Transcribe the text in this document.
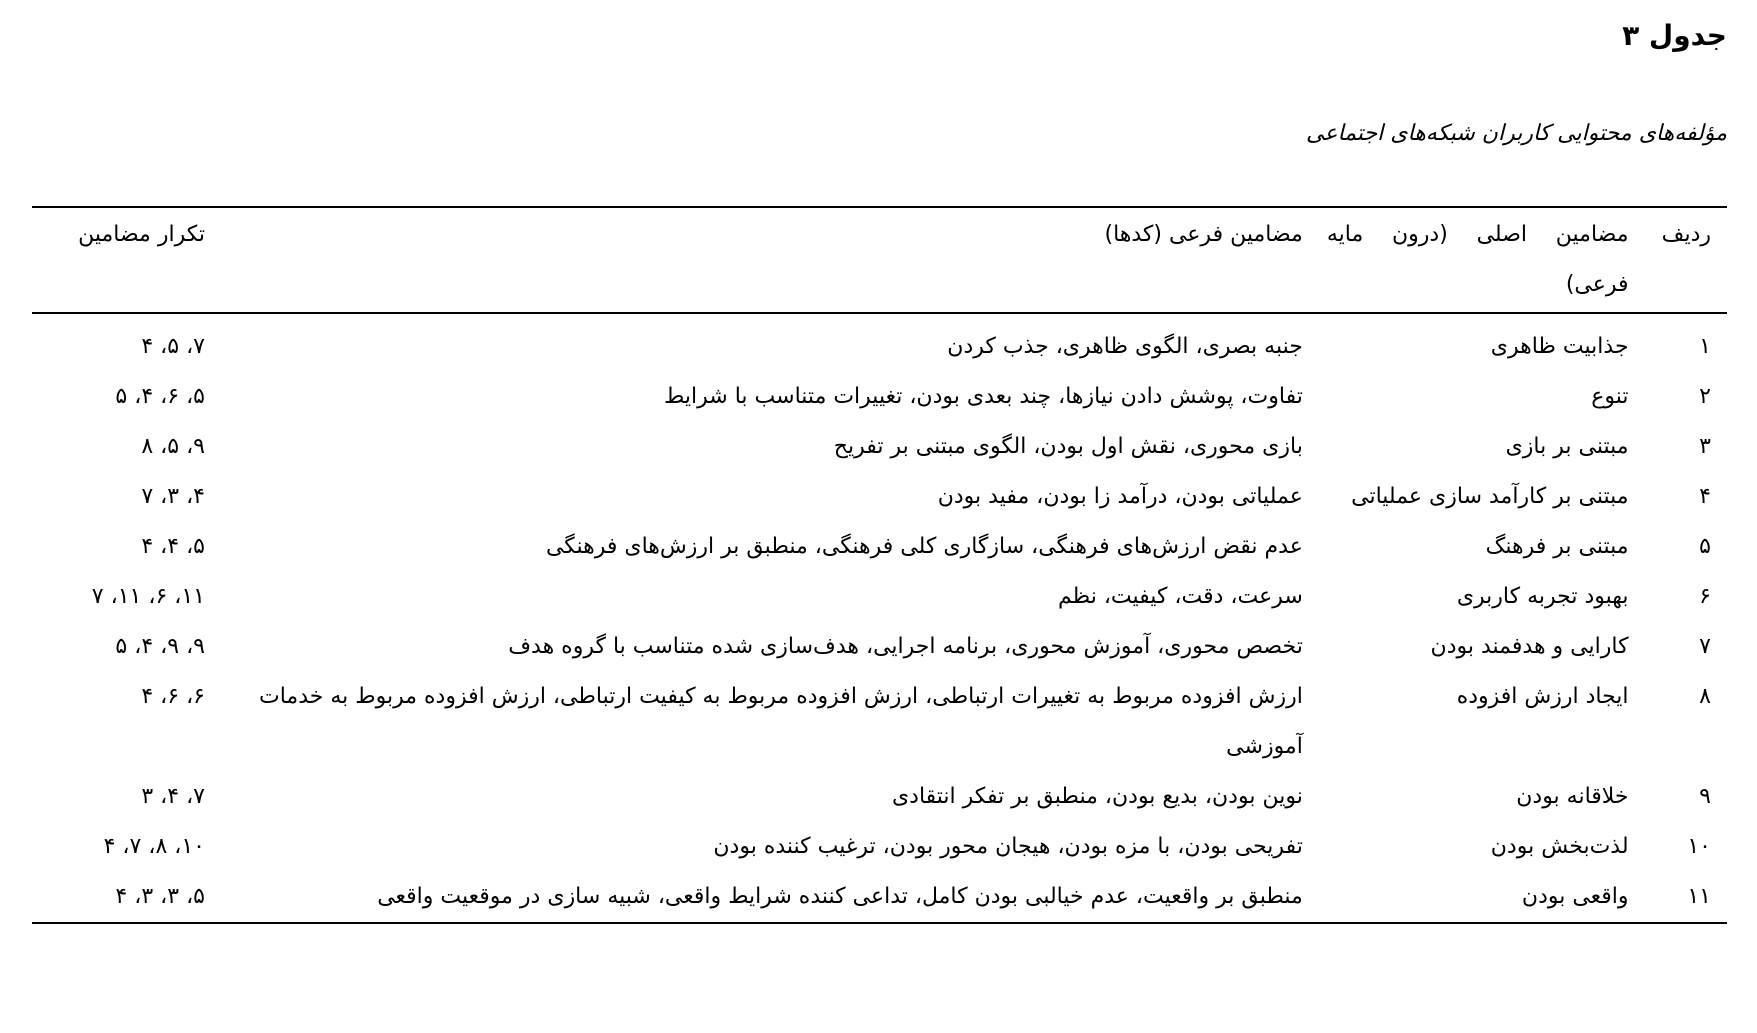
جدول ۳

مؤلفه‌های محتوایی کاربران شبکه‌های اجتماعی

ردیف	مضامین اصلی (درون مایه فرعی)	مضامین فرعی (کدها)	تکرار مضامین
۱	جذابیت ظاهری	جنبه بصری، الگوی ظاهری، جذب کردن	۷، ۵، ۴
۲	تنوع	تفاوت، پوشش دادن نیازها، چند بعدی بودن، تغییرات متناسب با شرایط	۵، ۶، ۴، ۵
۳	مبتنی بر بازی	بازی محوری، نقش اول بودن، الگوی مبتنی بر تفریح	۹، ۵، ۸
۴	مبتنی بر کارآمد سازی عملیاتی	عملیاتی بودن، درآمد زا بودن، مفید بودن	۴، ۳، ۷
۵	مبتنی بر فرهنگ	عدم نقض ارزش‌های فرهنگی، سازگاری کلی فرهنگی، منطبق بر ارزش‌های فرهنگی	۵، ۴، ۴
۶	بهبود تجربه کاربری	سرعت، دقت، کیفیت، نظم	۱۱، ۶، ۱۱، ۷
۷	کارایی و هدفمند بودن	تخصص محوری، آموزش محوری، برنامه اجرایی، هدف‌سازی شده متناسب با گروه هدف	۹، ۹، ۴، ۵
۸	ایجاد ارزش افزوده	ارزش افزوده مربوط به تغییرات ارتباطی، ارزش افزوده مربوط به کیفیت ارتباطی، ارزش افزوده مربوط به خدمات آموزشی	۶، ۶، ۴
۹	خلاقانه بودن	نوین بودن، بدیع بودن، منطبق بر تفکر انتقادی	۷، ۴، ۳
۱۰	لذت‌بخش بودن	تفریحی بودن، با مزه بودن، هیجان محور بودن، ترغیب کننده بودن	۱۰، ۸، ۷، ۴
۱۱	واقعی بودن	منطبق بر واقعیت، عدم خیالبی بودن کامل، تداعی کننده شرایط واقعی، شبیه سازی در موقعیت واقعی	۵، ۳، ۳، ۴
